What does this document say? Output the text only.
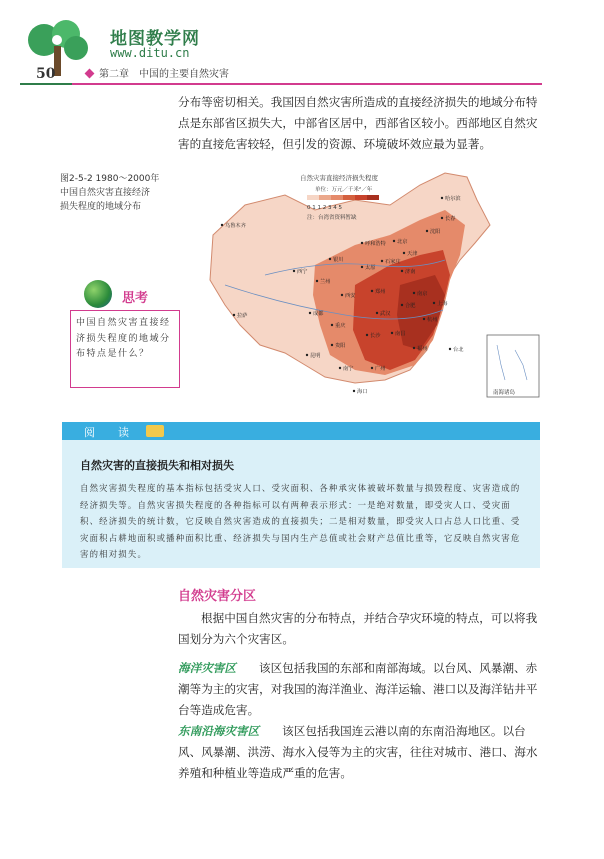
地图教学网
www.ditu.cn
50	第二章　中国的主要自然灾害
分布等密切相关。我国因自然灾害所造成的直接经济损失的地域分布特点是东部省区损失大，中部省区居中，西部省区较小。西部地区自然灾害的直接危害较轻，但引发的资源、环境破坏效应最为显著。
图2-5-2 1980～2000年
中国自然灾害直接经济
损失程度的地域分布
自然灾害直接经济损失程度
单位：万元／千米²／年
0 1 1 2 3 4 5
注：台湾省资料暂缺
乌鲁木齐
拉萨
西宁
兰州
银川
呼和浩特 北京
天津
石家庄
太原
济南
郑州
西安
成都
重庆
武汉
合肥
南京
上海
杭州
长沙	南昌
福州
贵阳
昆明
南宁	广州
海口
台北
哈尔滨
长春
沈阳
南海诸岛
思考
中国自然灾害直接经济损失程度的地域分布特点是什么？
阅　读
自然灾害的直接损失和相对损失
自然灾害损失程度的基本指标包括受灾人口、受灾面积、各种承灾体被破坏数量与损毁程度、灾害造成的经济损失等。自然灾害损失程度的各种指标可以有两种表示形式：一是绝对数量，即受灾人口、受灾面积、经济损失的统计数，它反映自然灾害造成的直接损失；二是相对数量，即受灾人口占总人口比重、受灾面积占耕地面积或播种面积比重、经济损失与国内生产总值或社会财产总值比重等，它反映自然灾害危害的相对损失。
自然灾害分区
根据中国自然灾害的分布特点，并结合孕灾环境的特点，可以将我国划分为六个灾害区。
海洋灾害区 该区包括我国的东部和南部海域。以台风、风暴潮、赤潮等为主的灾害，对我国的海洋渔业、海洋运输、港口以及海洋钻井平台等造成危害。
东南沿海灾害区 该区包括我国连云港以南的东南沿海地区。以台风、风暴潮、洪涝、海水入侵等为主的灾害，往往对城市、港口、海水养殖和种植业等造成严重的危害。
